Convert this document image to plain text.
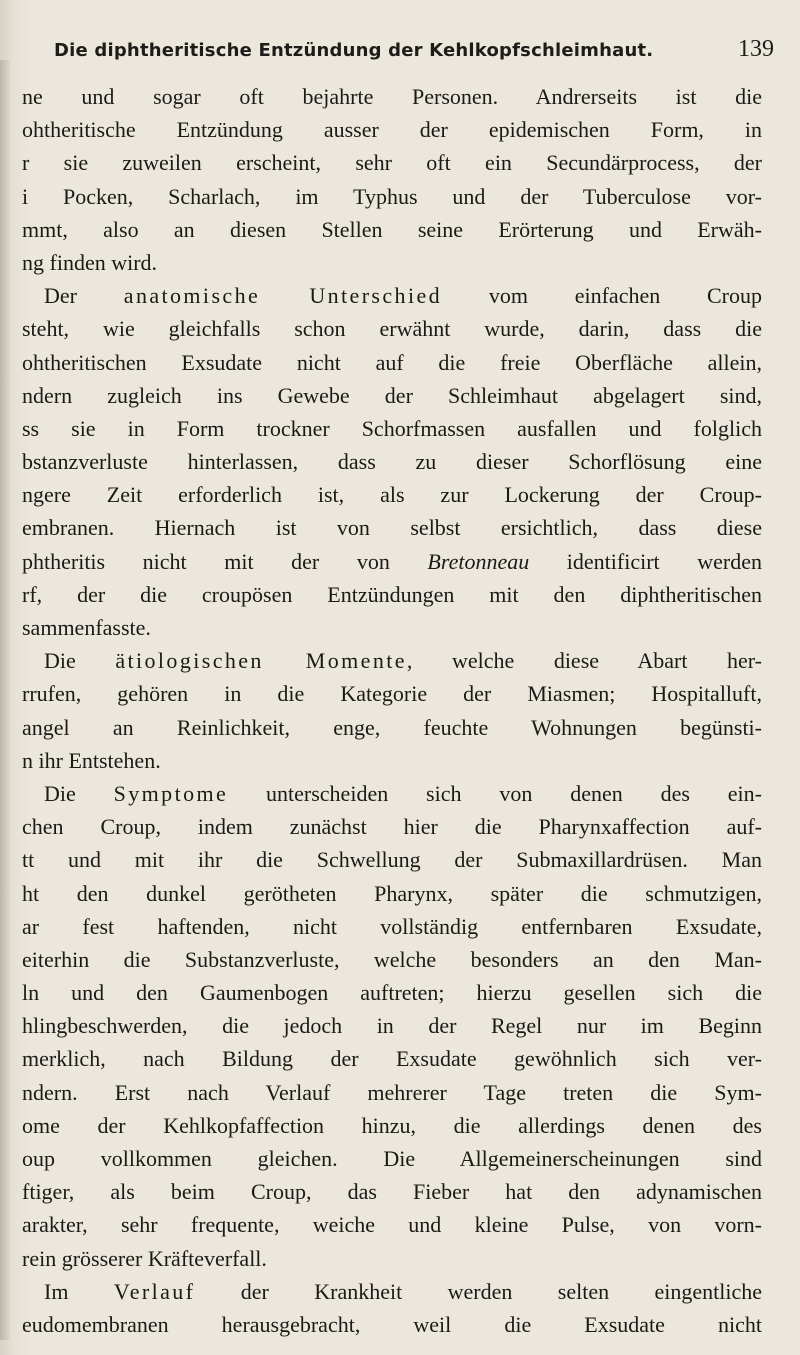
Die diphtheritische Entzündung der Kehlkopfschleimhaut.	139
ne und sogar oft bejahrte Personen. Andrerseits ist die
ohtheritische Entzündung ausser der epidemischen Form, in
r sie zuweilen erscheint, sehr oft ein Secundärprocess, der
i Pocken, Scharlach, im Typhus und der Tuberculose vor-
mmt, also an diesen Stellen seine Erörterung und Erwäh-
ng finden wird.
Der anatomische Unterschied vom einfachen Croup
steht, wie gleichfalls schon erwähnt wurde, darin, dass die
ohtheritischen Exsudate nicht auf die freie Oberfläche allein,
ndern zugleich ins Gewebe der Schleimhaut abgelagert sind,
ss sie in Form trockner Schorfmassen ausfallen und folglich
bstanzverluste hinterlassen, dass zu dieser Schorflösung eine
ngere Zeit erforderlich ist, als zur Lockerung der Croup-
embranen. Hiernach ist von selbst ersichtlich, dass diese
phtheritis nicht mit der von Bretonneau identificirt werden
rf, der die croupösen Entzündungen mit den diphtheritischen
sammenfasste.
Die ätiologischen Momente, welche diese Abart her-
rrufen, gehören in die Kategorie der Miasmen; Hospitalluft,
angel an Reinlichkeit, enge, feuchte Wohnungen begünsti-
n ihr Entstehen.
Die Symptome unterscheiden sich von denen des ein-
chen Croup, indem zunächst hier die Pharynxaffection auf-
tt und mit ihr die Schwellung der Submaxillardrüsen. Man
ht den dunkel gerötheten Pharynx, später die schmutzigen,
ar fest haftenden, nicht vollständig entfernbaren Exsudate,
eiterhin die Substanzverluste, welche besonders an den Man-
ln und den Gaumenbogen auftreten; hierzu gesellen sich die
hlingbeschwerden, die jedoch in der Regel nur im Beginn
merklich, nach Bildung der Exsudate gewöhnlich sich ver-
ndern. Erst nach Verlauf mehrerer Tage treten die Sym-
ome der Kehlkopfaffection hinzu, die allerdings denen des
oup vollkommen gleichen. Die Allgemeinerscheinungen sind
ftiger, als beim Croup, das Fieber hat den adynamischen
arakter, sehr frequente, weiche und kleine Pulse, von vorn-
rein grösserer Kräfteverfall.
Im Verlauf der Krankheit werden selten eingentliche
eudomembranen herausgebracht, weil die Exsudate nicht
